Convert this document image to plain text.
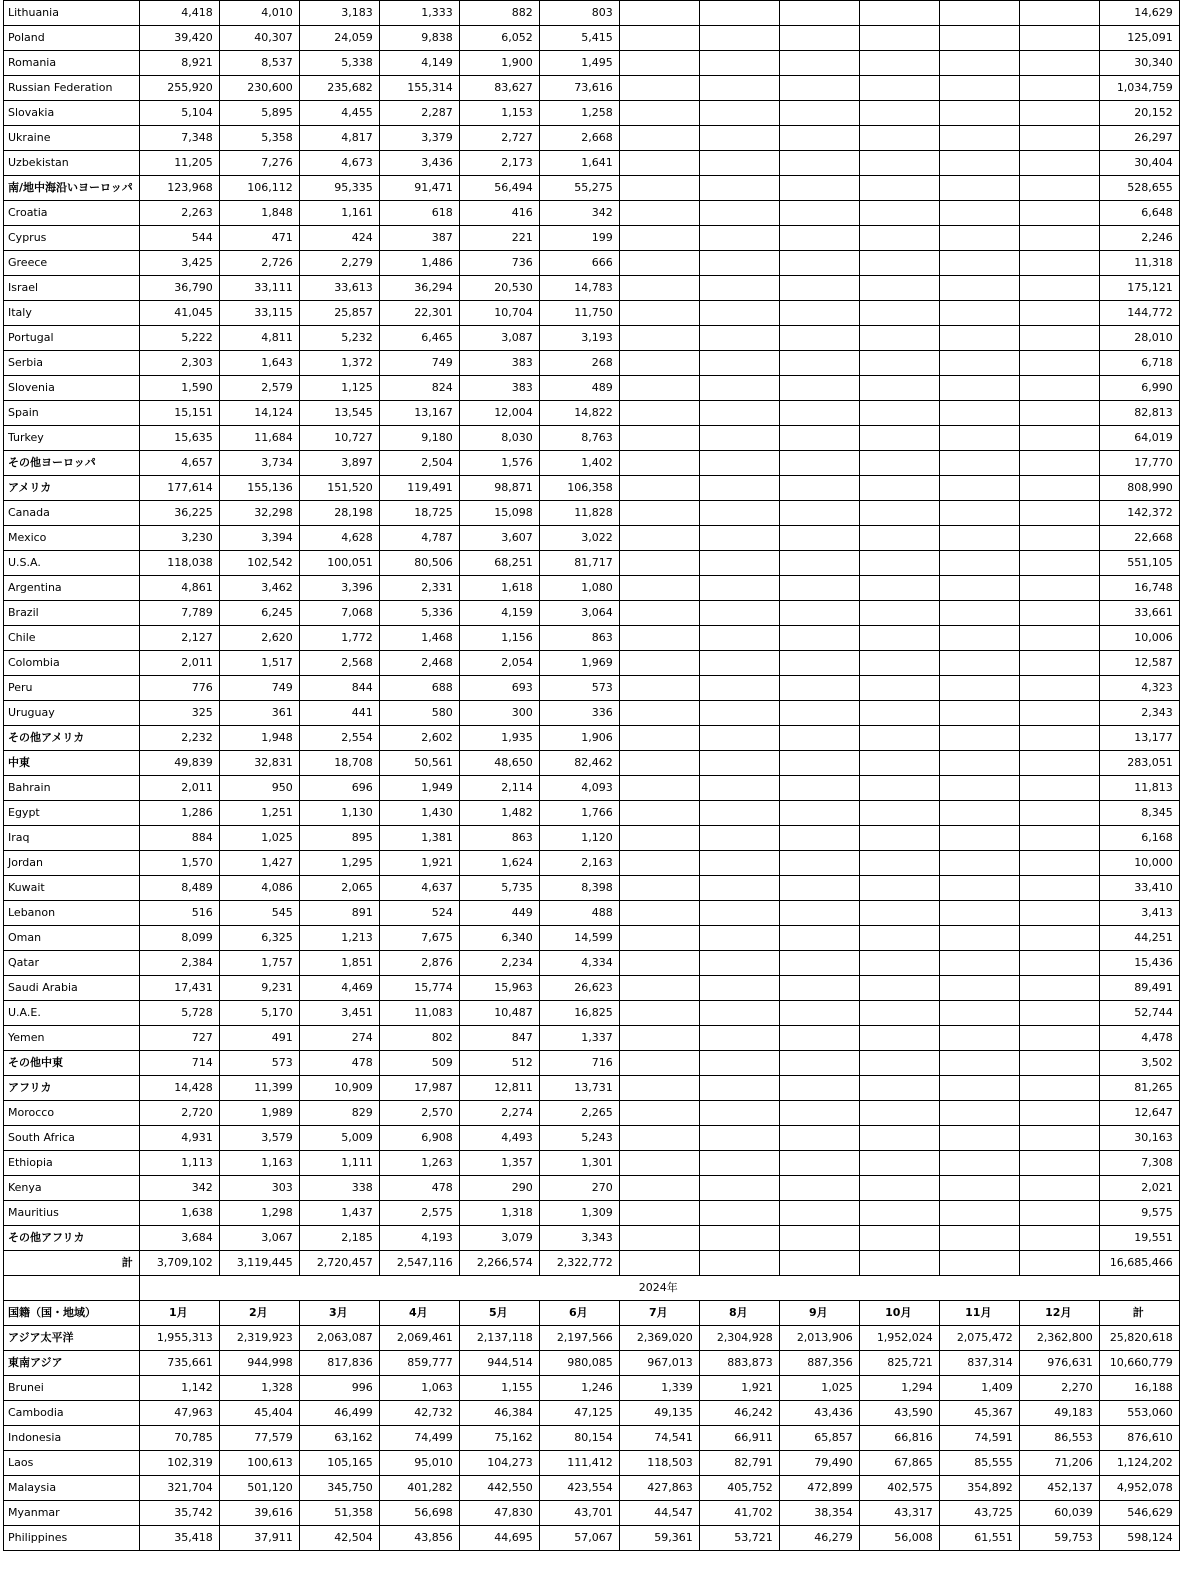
Lithuania	4,418	4,010	3,183	1,333	882	803							14,629
Poland	39,420	40,307	24,059	9,838	6,052	5,415							125,091
Romania	8,921	8,537	5,338	4,149	1,900	1,495							30,340
Russian Federation	255,920	230,600	235,682	155,314	83,627	73,616							1,034,759
Slovakia	5,104	5,895	4,455	2,287	1,153	1,258							20,152
Ukraine	7,348	5,358	4,817	3,379	2,727	2,668							26,297
Uzbekistan	11,205	7,276	4,673	3,436	2,173	1,641							30,404
南/地中海沿いヨーロッパ	123,968	106,112	95,335	91,471	56,494	55,275							528,655
Croatia	2,263	1,848	1,161	618	416	342							6,648
Cyprus	544	471	424	387	221	199							2,246
Greece	3,425	2,726	2,279	1,486	736	666							11,318
Israel	36,790	33,111	33,613	36,294	20,530	14,783							175,121
Italy	41,045	33,115	25,857	22,301	10,704	11,750							144,772
Portugal	5,222	4,811	5,232	6,465	3,087	3,193							28,010
Serbia	2,303	1,643	1,372	749	383	268							6,718
Slovenia	1,590	2,579	1,125	824	383	489							6,990
Spain	15,151	14,124	13,545	13,167	12,004	14,822							82,813
Turkey	15,635	11,684	10,727	9,180	8,030	8,763							64,019
その他ヨーロッパ	4,657	3,734	3,897	2,504	1,576	1,402							17,770
アメリカ	177,614	155,136	151,520	119,491	98,871	106,358							808,990
Canada	36,225	32,298	28,198	18,725	15,098	11,828							142,372
Mexico	3,230	3,394	4,628	4,787	3,607	3,022							22,668
U.S.A.	118,038	102,542	100,051	80,506	68,251	81,717							551,105
Argentina	4,861	3,462	3,396	2,331	1,618	1,080							16,748
Brazil	7,789	6,245	7,068	5,336	4,159	3,064							33,661
Chile	2,127	2,620	1,772	1,468	1,156	863							10,006
Colombia	2,011	1,517	2,568	2,468	2,054	1,969							12,587
Peru	776	749	844	688	693	573							4,323
Uruguay	325	361	441	580	300	336							2,343
その他アメリカ	2,232	1,948	2,554	2,602	1,935	1,906							13,177
中東	49,839	32,831	18,708	50,561	48,650	82,462							283,051
Bahrain	2,011	950	696	1,949	2,114	4,093							11,813
Egypt	1,286	1,251	1,130	1,430	1,482	1,766							8,345
Iraq	884	1,025	895	1,381	863	1,120							6,168
Jordan	1,570	1,427	1,295	1,921	1,624	2,163							10,000
Kuwait	8,489	4,086	2,065	4,637	5,735	8,398							33,410
Lebanon	516	545	891	524	449	488							3,413
Oman	8,099	6,325	1,213	7,675	6,340	14,599							44,251
Qatar	2,384	1,757	1,851	2,876	2,234	4,334							15,436
Saudi Arabia	17,431	9,231	4,469	15,774	15,963	26,623							89,491
U.A.E.	5,728	5,170	3,451	11,083	10,487	16,825							52,744
Yemen	727	491	274	802	847	1,337							4,478
その他中東	714	573	478	509	512	716							3,502
アフリカ	14,428	11,399	10,909	17,987	12,811	13,731							81,265
Morocco	2,720	1,989	829	2,570	2,274	2,265							12,647
South Africa	4,931	3,579	5,009	6,908	4,493	5,243							30,163
Ethiopia	1,113	1,163	1,111	1,263	1,357	1,301							7,308
Kenya	342	303	338	478	290	270							2,021
Mauritius	1,638	1,298	1,437	2,575	1,318	1,309							9,575
その他アフリカ	3,684	3,067	2,185	4,193	3,079	3,343							19,551
計	3,709,102	3,119,445	2,720,457	2,547,116	2,266,574	2,322,772							16,685,466
	2024年												
国籍（国・地域）	1月	2月	3月	4月	5月	6月	7月	8月	9月	10月	11月	12月	計
アジア太平洋	1,955,313	2,319,923	2,063,087	2,069,461	2,137,118	2,197,566	2,369,020	2,304,928	2,013,906	1,952,024	2,075,472	2,362,800	25,820,618
東南アジア	735,661	944,998	817,836	859,777	944,514	980,085	967,013	883,873	887,356	825,721	837,314	976,631	10,660,779
Brunei	1,142	1,328	996	1,063	1,155	1,246	1,339	1,921	1,025	1,294	1,409	2,270	16,188
Cambodia	47,963	45,404	46,499	42,732	46,384	47,125	49,135	46,242	43,436	43,590	45,367	49,183	553,060
Indonesia	70,785	77,579	63,162	74,499	75,162	80,154	74,541	66,911	65,857	66,816	74,591	86,553	876,610
Laos	102,319	100,613	105,165	95,010	104,273	111,412	118,503	82,791	79,490	67,865	85,555	71,206	1,124,202
Malaysia	321,704	501,120	345,750	401,282	442,550	423,554	427,863	405,752	472,899	402,575	354,892	452,137	4,952,078
Myanmar	35,742	39,616	51,358	56,698	47,830	43,701	44,547	41,702	38,354	43,317	43,725	60,039	546,629
Philippines	35,418	37,911	42,504	43,856	44,695	57,067	59,361	53,721	46,279	56,008	61,551	59,753	598,124
